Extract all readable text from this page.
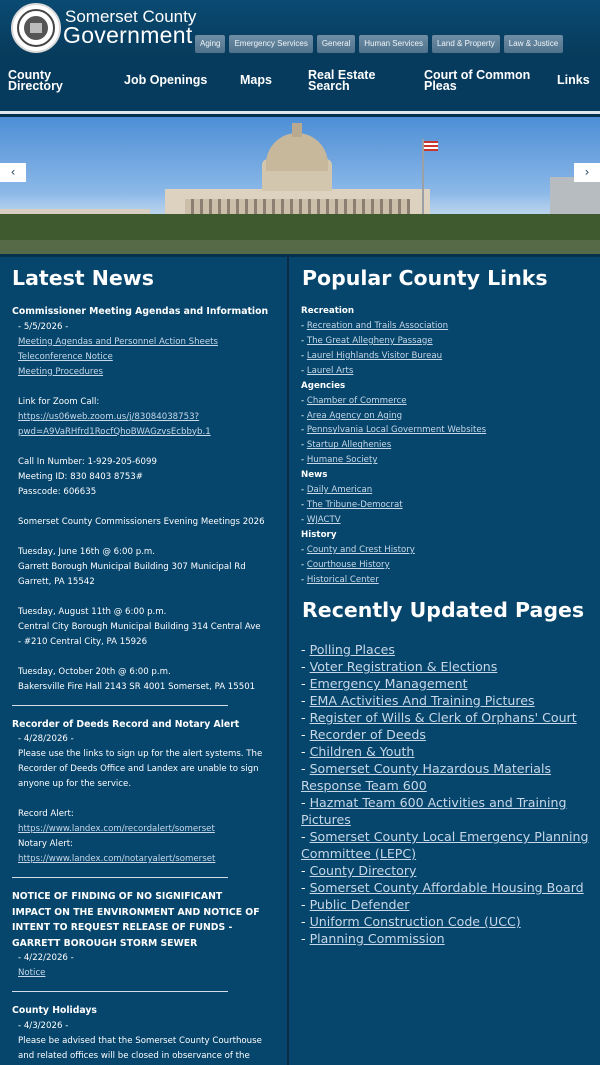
Somerset County
Government Aging	Emergency Services	General	Human Services	Land & Property	Law & Justice
County Directory	Job Openings	Maps	Real Estate Search
Court of Common Pleas	Links
‹	›
Latest News
Commissioner Meeting Agendas and Information
- 5/5/2026 -
Meeting Agendas and Personnel Action Sheets
Teleconference Notice
Meeting Procedures
Link for Zoom Call:
https://us06web.zoom.us/j/83084038753?
pwd=A9VaRHfrd1RocfQhoBWAGzvsEcbbyb.1
Call In Number: 1-929-205-6099
Meeting ID: 830 8403 8753#
Passcode: 606635
Somerset County Commissioners Evening Meetings 2026
Tuesday, June 16th @ 6:00 p.m.
Garrett Borough Municipal Building 307 Municipal Rd
Garrett, PA 15542
Tuesday, August 11th @ 6:00 p.m.
Central City Borough Municipal Building 314 Central Ave
- #210 Central City, PA 15926
Tuesday, October 20th @ 6:00 p.m.
Bakersville Fire Hall 2143 SR 4001 Somerset, PA 15501
Recorder of Deeds Record and Notary Alert
- 4/28/2026 -
Please use the links to sign up for the alert systems. The
Recorder of Deeds Office and Landex are unable to sign
anyone up for the service.
Record Alert:
https://www.landex.com/recordalert/somerset
Notary Alert:
https://www.landex.com/notaryalert/somerset
NOTICE OF FINDING OF NO SIGNIFICANT
IMPACT ON THE ENVIRONMENT AND NOTICE OF
INTENT TO REQUEST RELEASE OF FUNDS -
GARRETT BOROUGH STORM SEWER
- 4/22/2026 -
Notice
County Holidays
- 4/3/2026 -
Please be advised that the Somerset County Courthouse
and related offices will be closed in observance of the
Popular County Links
Recreation
- Recreation and Trails Association
- The Great Allegheny Passage
- Laurel Highlands Visitor Bureau
- Laurel Arts
Agencies
- Chamber of Commerce
- Area Agency on Aging
- Pennsylvania Local Government Websites
- Startup Alleghenies
- Humane Society
News
- Daily American
- The Tribune-Democrat
- WJACTV
History
- County and Crest History
- Courthouse History
- Historical Center
Recently Updated Pages
- Polling Places
- Voter Registration & Elections
- Emergency Management
- EMA Activities And Training Pictures
- Register of Wills & Clerk of Orphans' Court
- Recorder of Deeds
- Children & Youth
- Somerset County Hazardous Materials Response Team 600
- Hazmat Team 600 Activities and Training Pictures
- Somerset County Local Emergency Planning Committee (LEPC)
- County Directory
- Somerset County Affordable Housing Board
- Public Defender
- Uniform Construction Code (UCC)
- Planning Commission
